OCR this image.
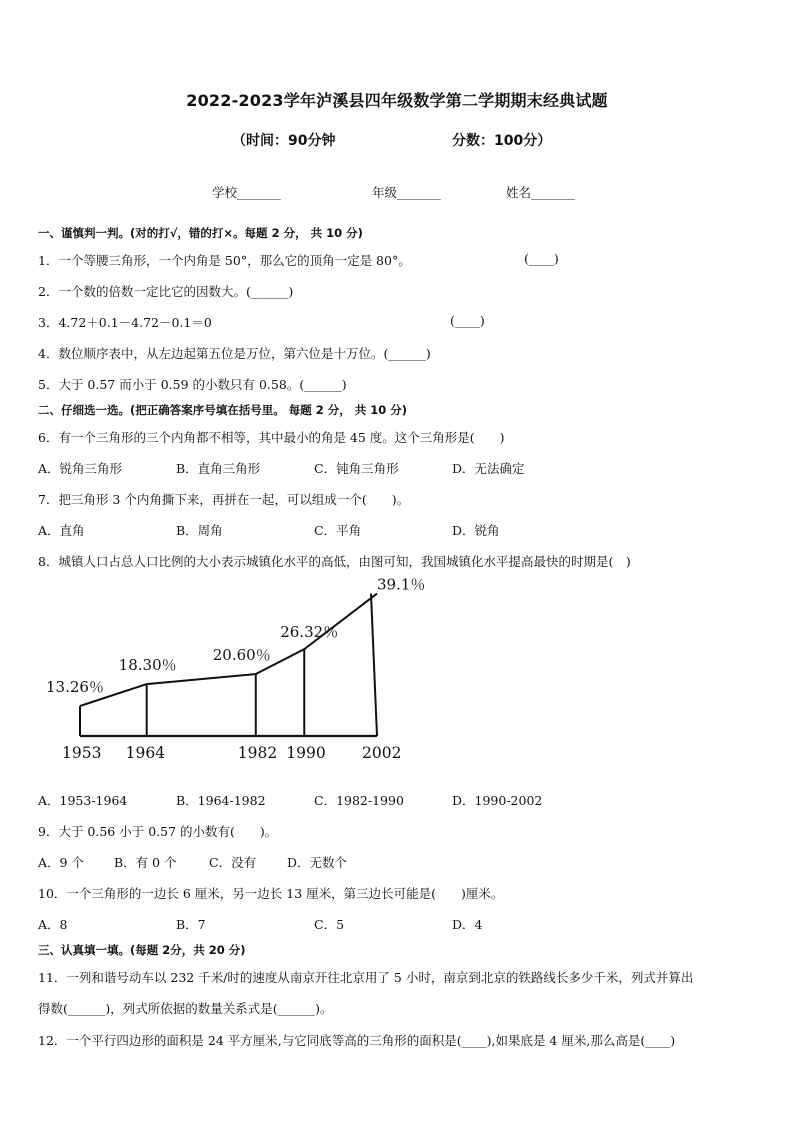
2022-2023学年泸溪县四年级数学第二学期期末经典试题
（时间：90分钟	分数：100分）
学校_______	年级_______	姓名_______
一、谨慎判一判。(对的打√，错的打×。每题 2 分， 共 10 分)
1．一个等腰三角形，一个内角是 50°，那么它的顶角一定是 80°。	(____)
2．一个数的倍数一定比它的因数大。(______)
3．4.72＋0.1－4.72－0.1＝0	(____)
4．数位顺序表中，从左边起第五位是万位，第六位是十万位。(______)
5．大于 0.57 而小于 0.59 的小数只有 0.58。(______)
二、仔细选一选。(把正确答案序号填在括号里。 每题 2 分， 共 10 分)
6．有一个三角形的三个内角都不相等，其中最小的角是 45 度。这个三角形是(　　)
A．锐角三角形	B．直角三角形	C．钝角三角形	D．无法确定
7．把三角形 3 个内角撕下来，再拼在一起，可以组成一个(　　)。
A．直角	B．周角	C．平角	D．锐角
8．城镇人口占总人口比例的大小表示城镇化水平的高低，由图可知，我国城镇化水平提高最快的时期是(　)
13.26％
18.30％
20.60％
26.32％
39.1％
1953 1964	1982 1990 2002
A．1953-1964	B．1964-1982	C．1982-1990	D．1990-2002
9．大于 0.56 小于 0.57 的小数有(　　)。
A．9 个 B．有 0 个	C．没有 D．无数个
10．一个三角形的一边长 6 厘米，另一边长 13 厘米，第三边长可能是(　　)厘米。
A．8	B．7	C．5	D．4
三、认真填一填。(每题 2分，共 20 分)
11．一列和谐号动车以 232 千米/时的速度从南京开往北京用了 5 小时，南京到北京的铁路线长多少千米，列式并算出
得数(______)，列式所依据的数量关系式是(______)。
12．一个平行四边形的面积是 24 平方厘米,与它同底等高的三角形的面积是(____),如果底是 4 厘米,那么高是(____)
